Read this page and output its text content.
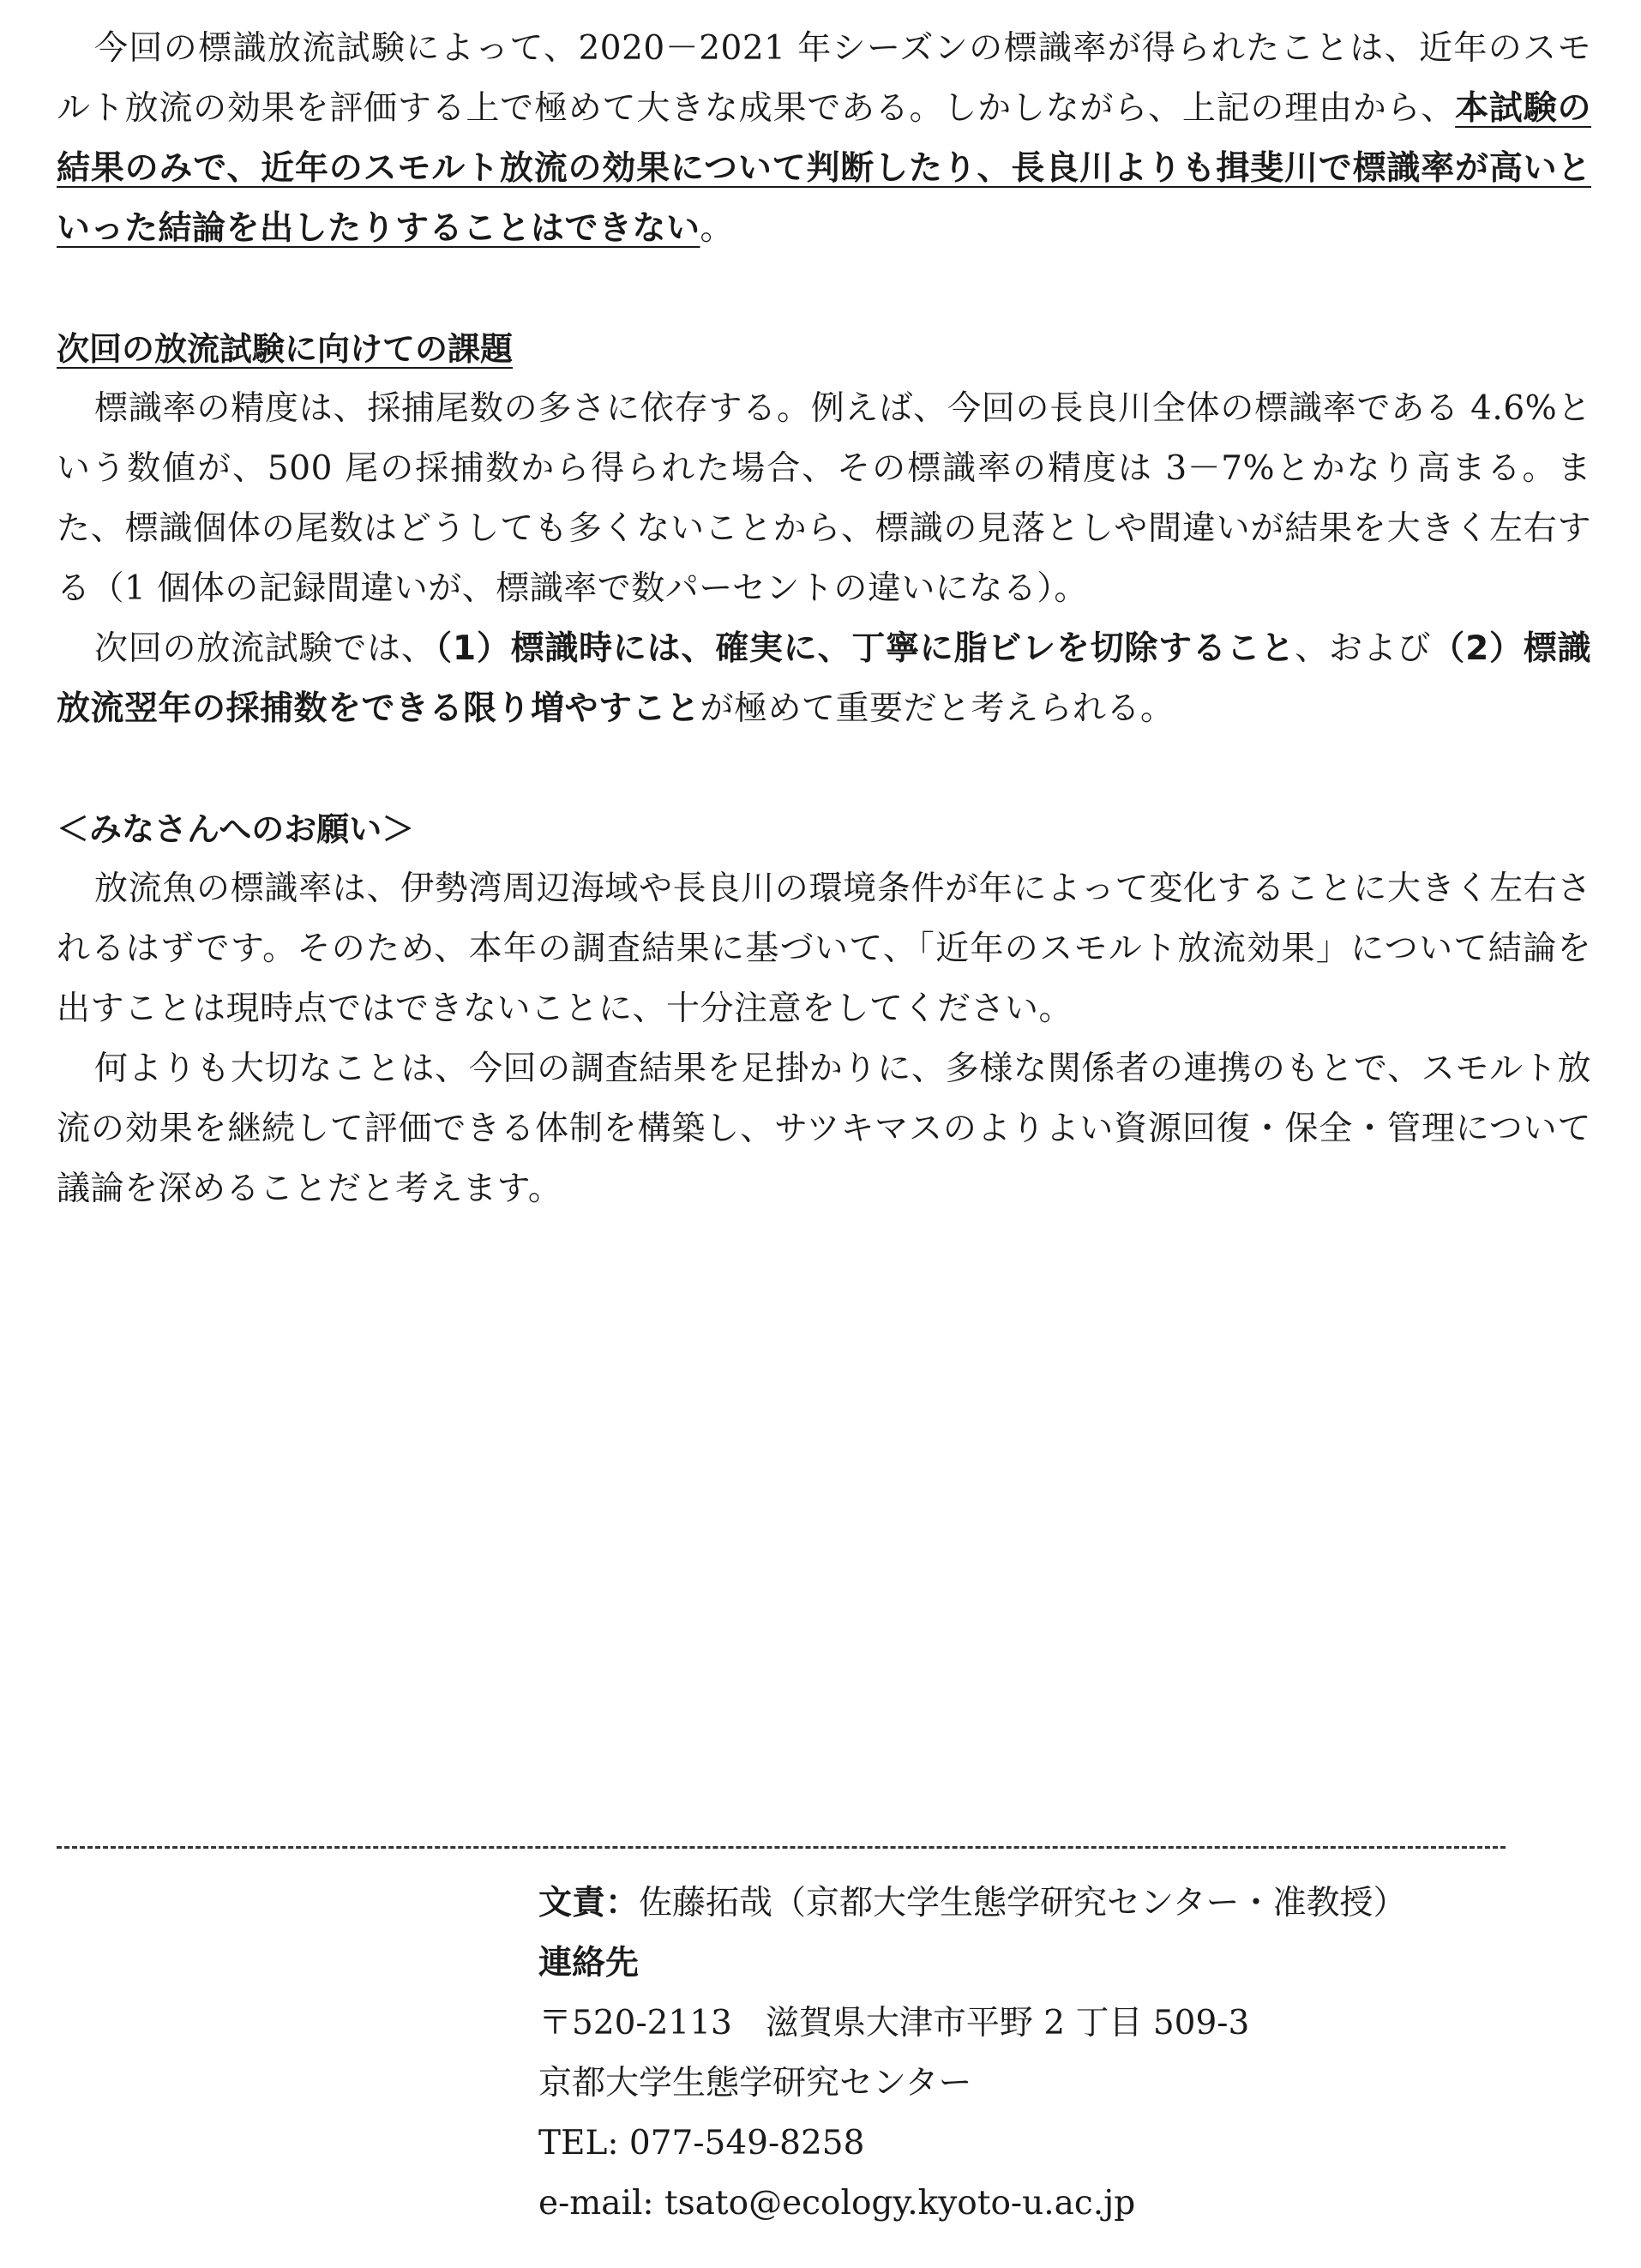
今回の標識放流試験によって、2020－2021 年シーズンの標識率が得られたことは、近年のスモルト放流の効果を評価する上で極めて大きな成果である。しかしながら、上記の理由から、本試験の結果のみで、近年のスモルト放流の効果について判断したり、長良川よりも揖斐川で標識率が高いといった結論を出したりすることはできない。

次回の放流試験に向けての課題

標識率の精度は、採捕尾数の多さに依存する。例えば、今回の長良川全体の標識率である 4.6%という数値が、500 尾の採捕数から得られた場合、その標識率の精度は 3－7%とかなり高まる。また、標識個体の尾数はどうしても多くないことから、標識の見落としや間違いが結果を大きく左右する（1 個体の記録間違いが、標識率で数パーセントの違いになる）。

次回の放流試験では、（1）標識時には、確実に、丁寧に脂ビレを切除すること、および（2）標識放流翌年の採捕数をできる限り増やすことが極めて重要だと考えられる。

＜みなさんへのお願い＞

放流魚の標識率は、伊勢湾周辺海域や長良川の環境条件が年によって変化することに大きく左右されるはずです。そのため、本年の調査結果に基づいて、「近年のスモルト放流効果」について結論を出すことは現時点ではできないことに、十分注意をしてください。

何よりも大切なことは、今回の調査結果を足掛かりに、多様な関係者の連携のもとで、スモルト放流の効果を継続して評価できる体制を構築し、サツキマスのよりよい資源回復・保全・管理について議論を深めることだと考えます。

文責：佐藤拓哉（京都大学生態学研究センター・准教授）
連絡先
〒520-2113　滋賀県大津市平野 2 丁目 509-3
京都大学生態学研究センター
TEL: 077-549-8258
e-mail: tsato@ecology.kyoto-u.ac.jp
